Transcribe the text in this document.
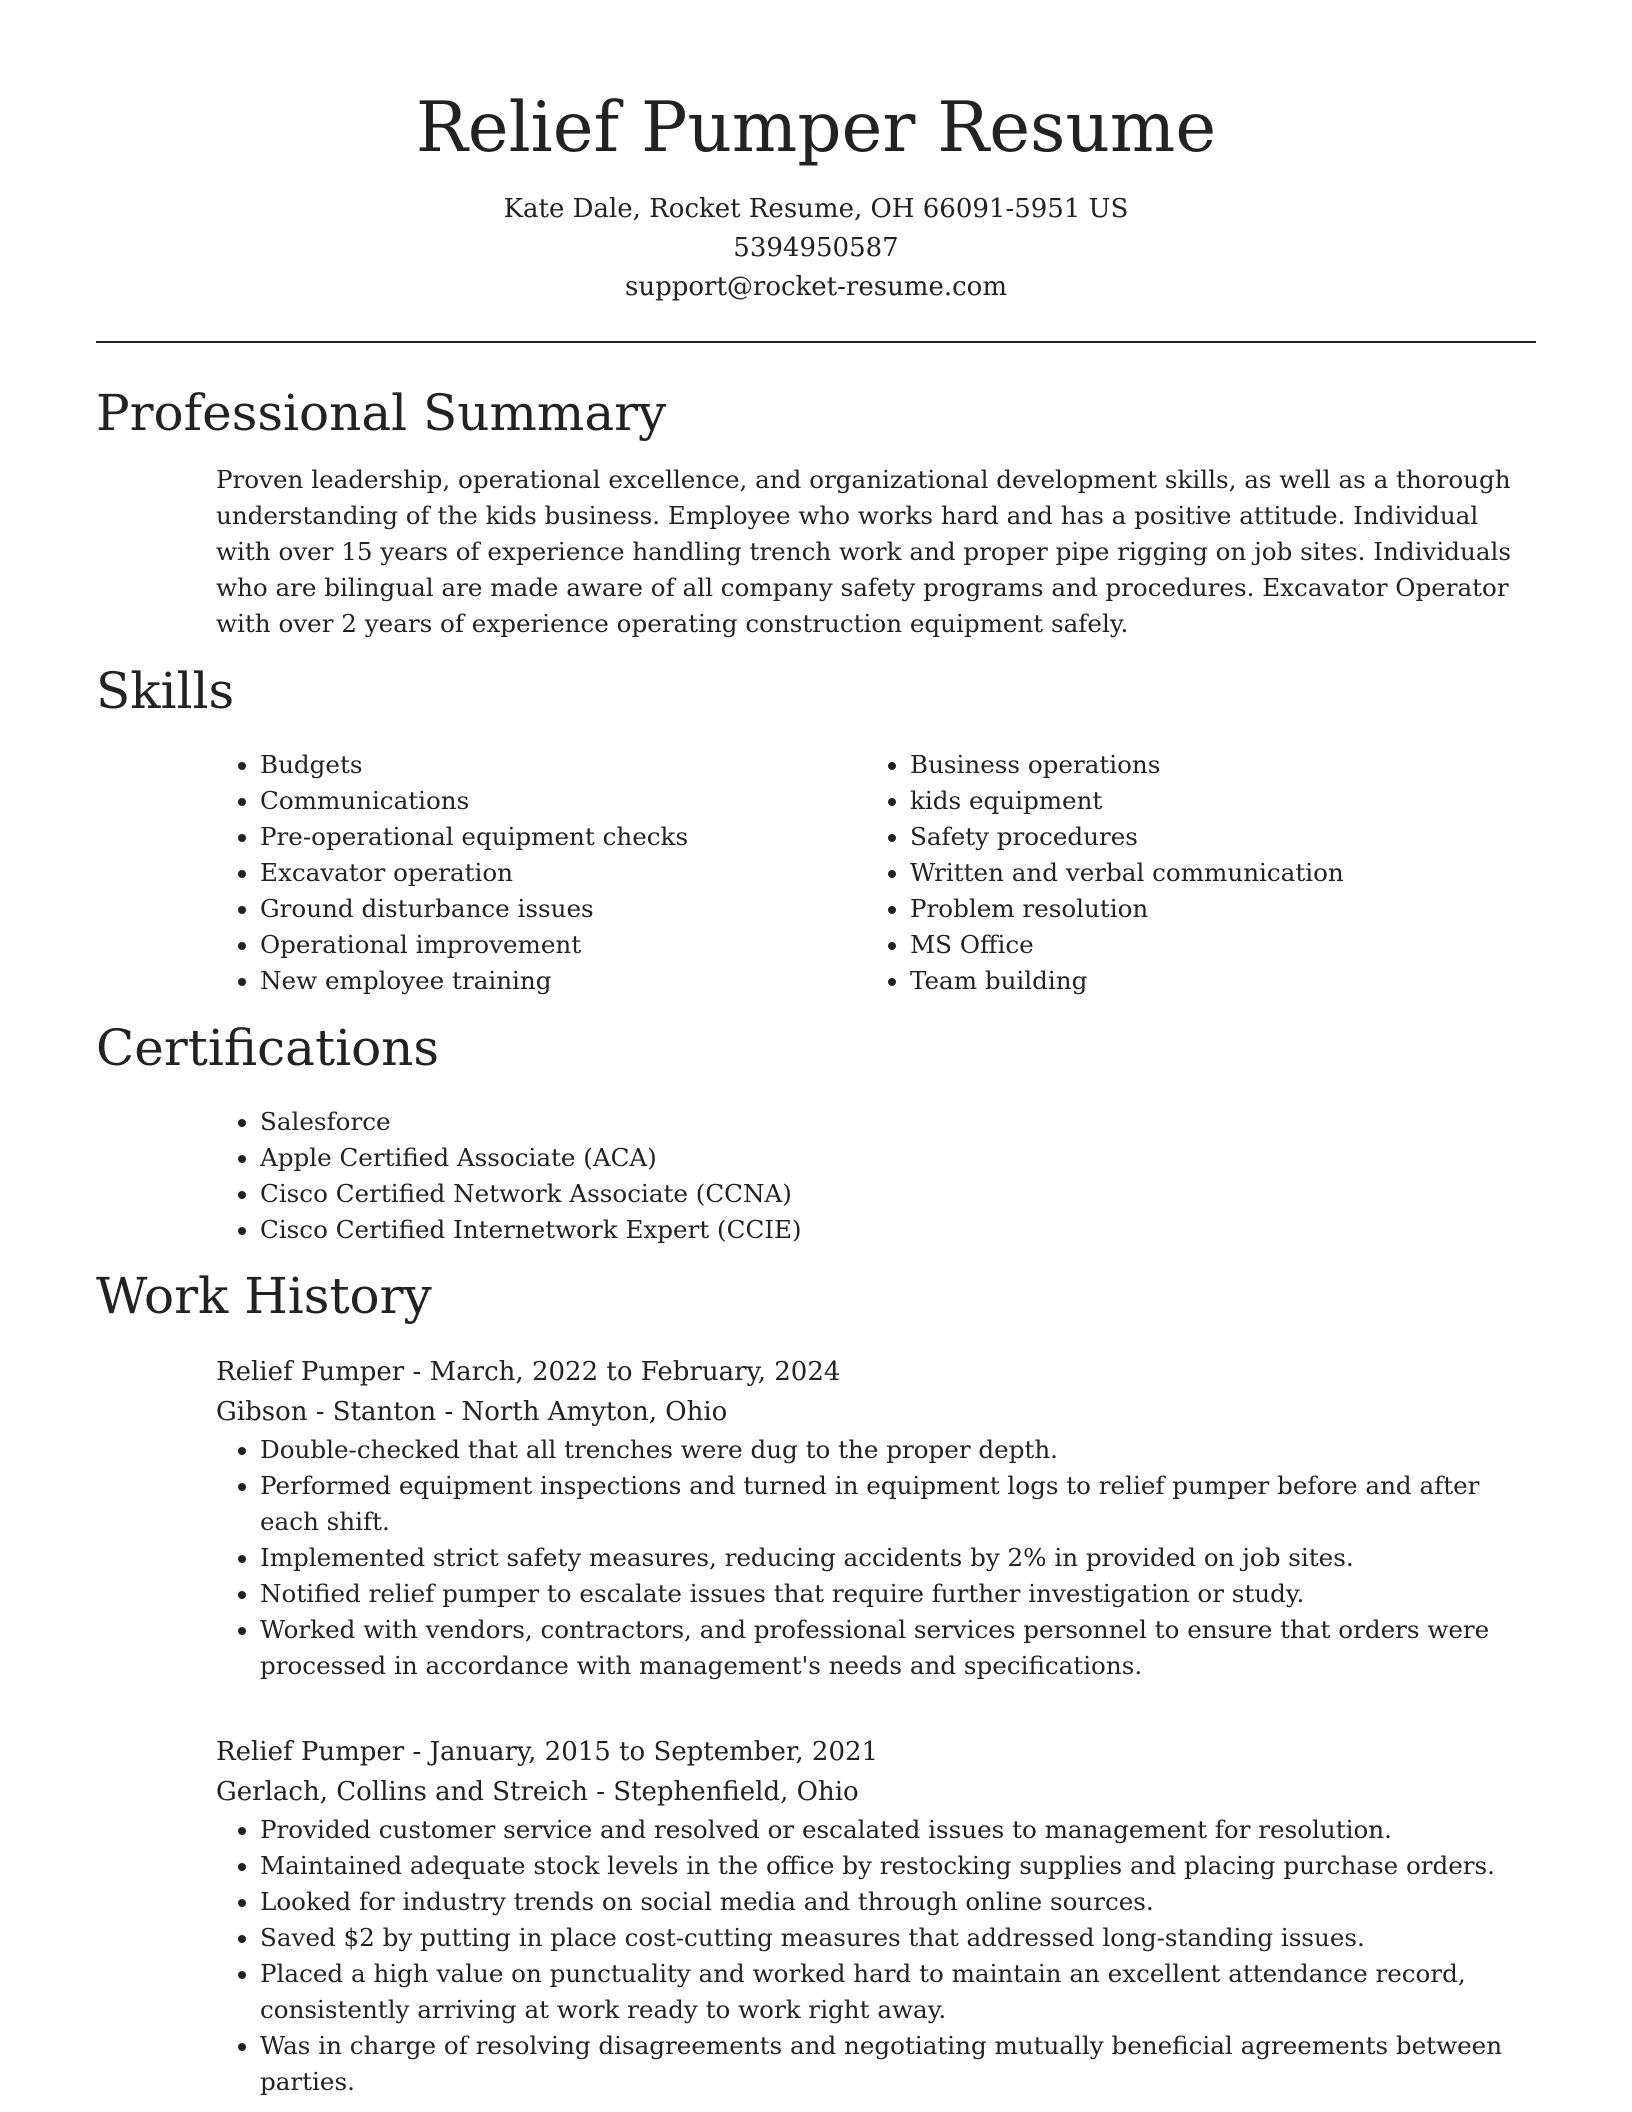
Relief Pumper Resume
Kate Dale, Rocket Resume, OH 66091-5951 US
5394950587
support@rocket-resume.com
Professional Summary

Proven leadership, operational excellence, and organizational development skills, as well as a thorough understanding of the kids business. Employee who works hard and has a positive attitude. Individual with over 15 years of experience handling trench work and proper pipe rigging on job sites. Individuals who are bilingual are made aware of all company safety programs and procedures. Excavator Operator with over 2 years of experience operating construction equipment safely.

Skills
• Budgets
• Communications
• Pre-operational equipment checks
• Excavator operation
• Ground disturbance issues
• Operational improvement
• New employee training
• Business operations
• kids equipment
• Safety procedures
• Written and verbal communication
• Problem resolution
• MS Office
• Team building
Certifications
• Salesforce
• Apple Certified Associate (ACA)
• Cisco Certified Network Associate (CCNA)
• Cisco Certified Internetwork Expert (CCIE)
Work History
Relief Pumper - March, 2022 to February, 2024
Gibson - Stanton - North Amyton, Ohio
• Double-checked that all trenches were dug to the proper depth.
• Performed equipment inspections and turned in equipment logs to relief pumper before and after each shift.
• Implemented strict safety measures, reducing accidents by 2% in provided on job sites.
• Notified relief pumper to escalate issues that require further investigation or study.
• Worked with vendors, contractors, and professional services personnel to ensure that orders were processed in accordance with management's needs and specifications.
Relief Pumper - January, 2015 to September, 2021
Gerlach, Collins and Streich - Stephenfield, Ohio
• Provided customer service and resolved or escalated issues to management for resolution.
• Maintained adequate stock levels in the office by restocking supplies and placing purchase orders.
• Looked for industry trends on social media and through online sources.
• Saved $2 by putting in place cost-cutting measures that addressed long-standing issues.
• Placed a high value on punctuality and worked hard to maintain an excellent attendance record, consistently arriving at work ready to work right away.
• Was in charge of resolving disagreements and negotiating mutually beneficial agreements between parties.
